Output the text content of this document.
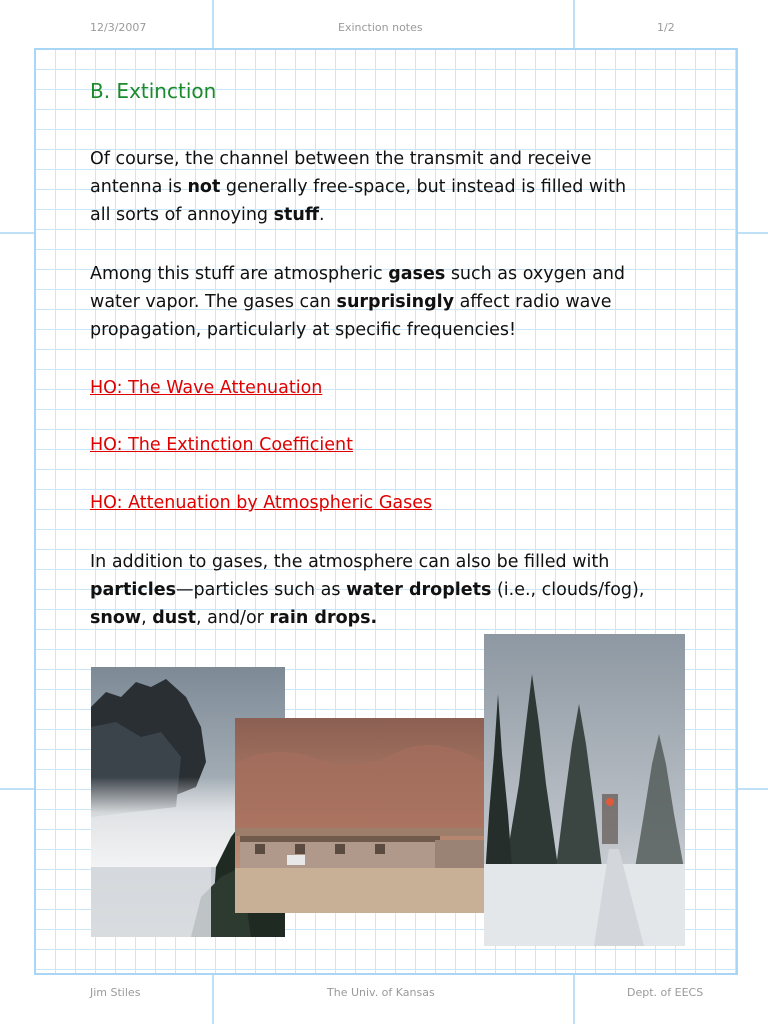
12/3/2007	Exinction notes	1/2
B. Extinction
Of course, the channel between the transmit and receive
antenna is not generally free-space, but instead is filled with
all sorts of annoying stuff.
Among this stuff are atmospheric gases such as oxygen and
water vapor. The gases can surprisingly affect radio wave
propagation, particularly at specific frequencies!
HO: The Wave Attenuation
HO: The Extinction Coefficient
HO: Attenuation by Atmospheric Gases
In addition to gases, the atmosphere can also be filled with
particles—particles such as water droplets (i.e., clouds/fog),
snow, dust, and/or rain drops.
Jim Stiles	The Univ. of Kansas	Dept. of EECS
